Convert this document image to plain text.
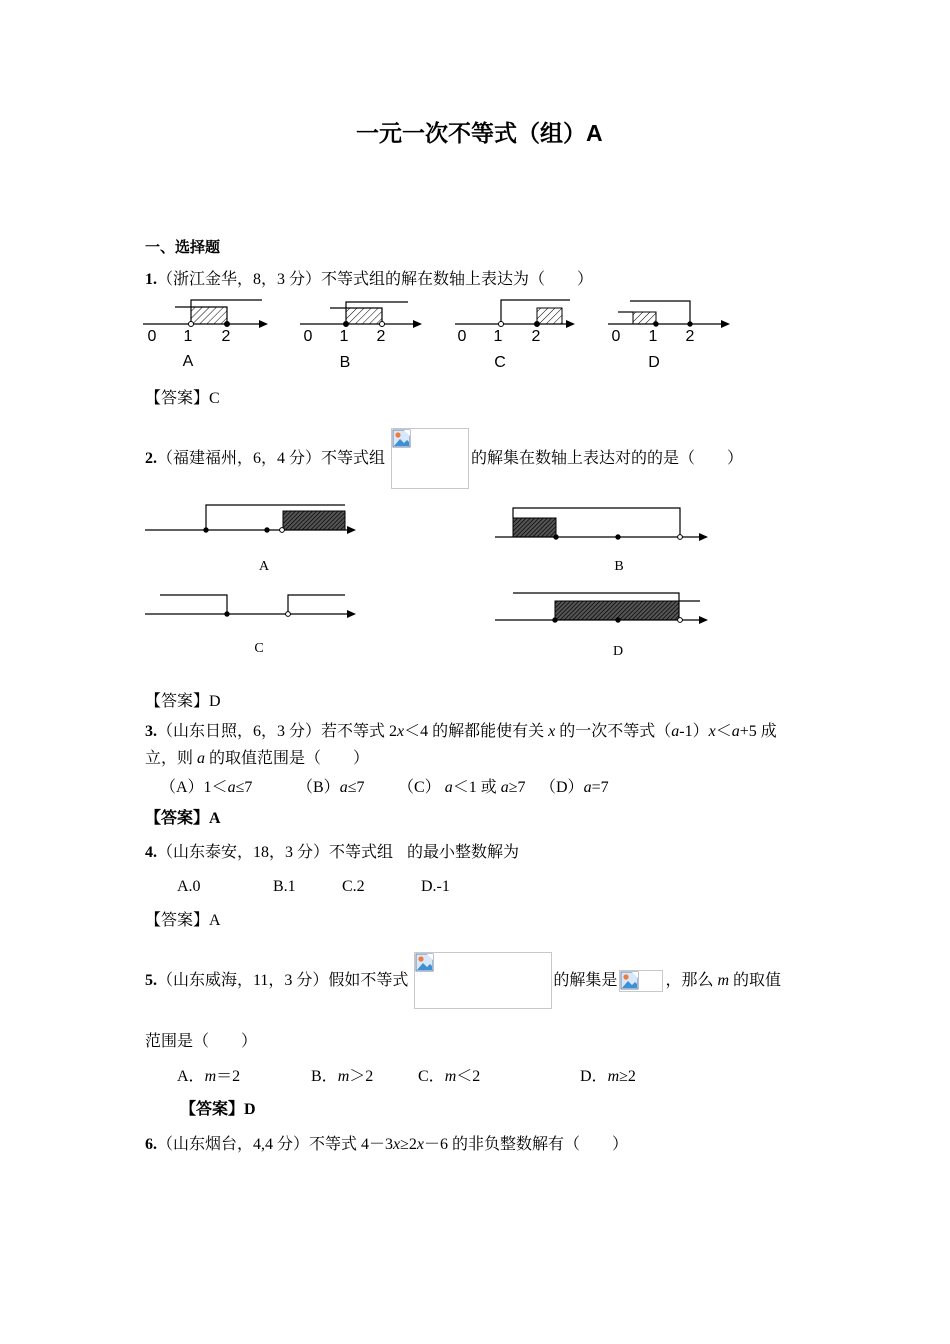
一元一次不等式（组）A
一、选择题
1. （浙江金华，8，3 分）不等式组的解在数轴上表达为（　　）
0 1 2
A
0 1 2
B
0 1 2
C
0 1 2
D
【答案】C
2. （福建福州，6，4 分）不等式组	的解集在数轴上表达对的的是（　　）
A	B
C	D
【答案】D
3. （山东日照，6，3 分）若不等式 2 x ＜4 的解都能使有关 x 的一次不等式（ a -1） x ＜ a +5 成
立，则 a 的取值范围是（　　）
（A）1＜ a ≤7	（B） a ≤7 （C） a ＜1 或 a ≥7 （D） a =7
【答案】A
4. （山东泰安，18，3 分）不等式组 的最小整数解为
A.0	B.1	C.2	D.-1
【答案】A
5. （山东威海，11，3 分）假如不等式	的解集是	，那么 m 的取值
范围是（　　）
A． m ＝2	B． m ＞2	C． m ＜2	D． m ≥2
【答案】D
6. （山东烟台，4,4 分）不等式 4－3 x ≥2 x －6 的非负整数解有（　　）
